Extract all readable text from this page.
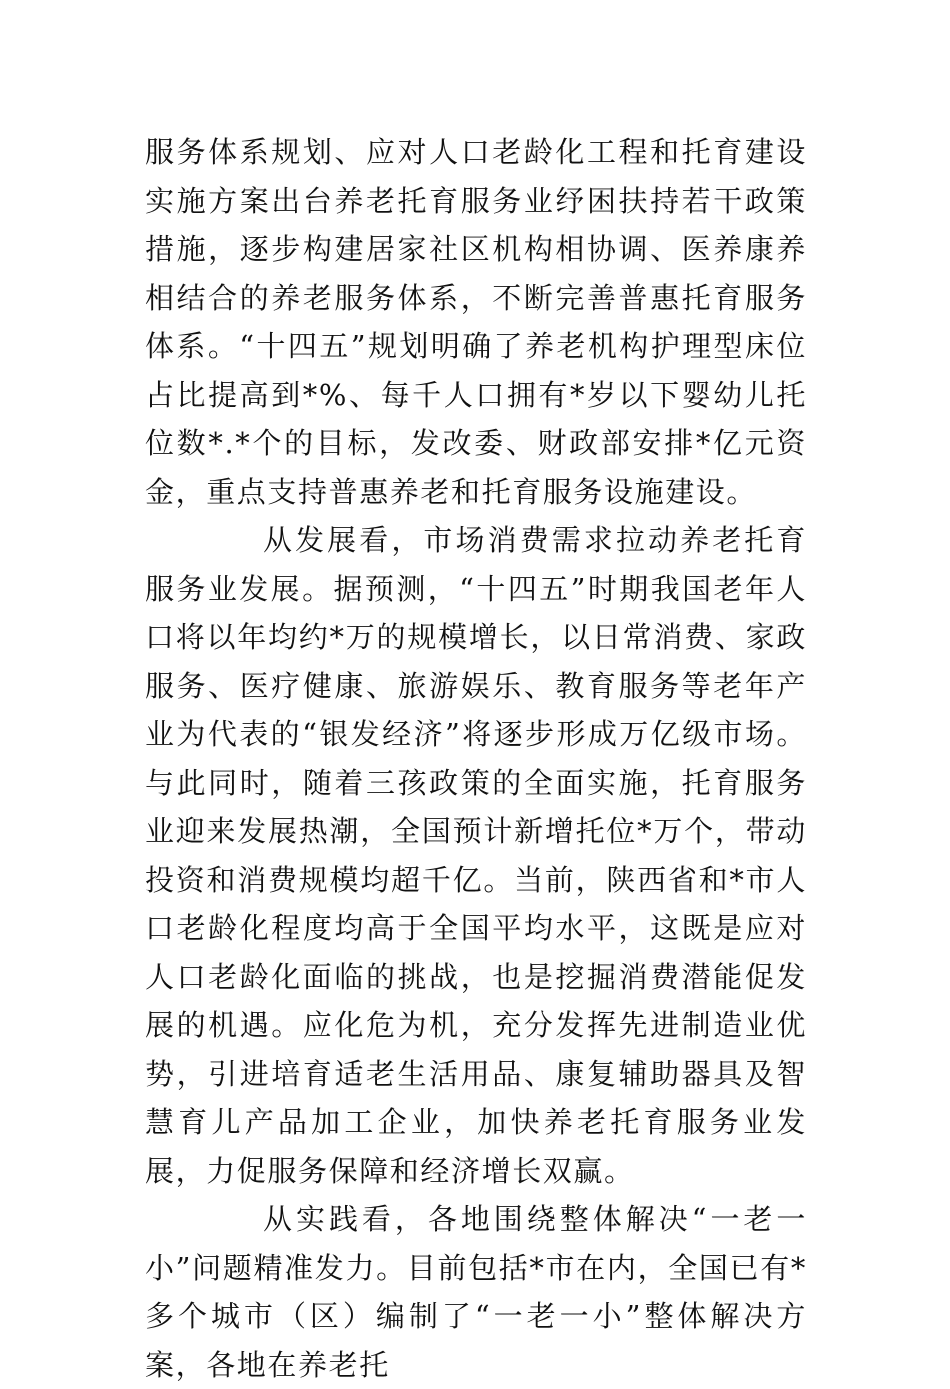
服务体系规划、应对人口老龄化工程和托育建设实施方案出台养老托育服务业纾困扶持若干政策措施，逐步构建居家社区机构相协调、医养康养相结合的养老服务体系，不断完善普惠托育服务体系。“十四五”规划明确了养老机构护理型床位占比提高到*%、每千人口拥有*岁以下婴幼儿托位数*.*个的目标，发改委、财政部安排*亿元资金，重点支持普惠养老和托育服务设施建设。

从发展看，市场消费需求拉动养老托育服务业发展。据预测，“十四五”时期我国老年人口将以年均约*万的规模增长，以日常消费、家政服务、医疗健康、旅游娱乐、教育服务等老年产业为代表的“银发经济”将逐步形成万亿级市场。与此同时，随着三孩政策的全面实施，托育服务业迎来发展热潮，全国预计新增托位*万个，带动投资和消费规模均超千亿。当前，陕西省和*市人口老龄化程度均高于全国平均水平，这既是应对人口老龄化面临的挑战，也是挖掘消费潜能促发展的机遇。应化危为机，充分发挥先进制造业优势，引进培育适老生活用品、康复辅助器具及智慧育儿产品加工企业，加快养老托育服务业发展，力促服务保障和经济增长双赢。

从实践看，各地围绕整体解决“一老一小”问题精准发力。目前包括*市在内，全国已有*多个城市（区）编制了“一老一小”整体解决方案，各地在养老托
